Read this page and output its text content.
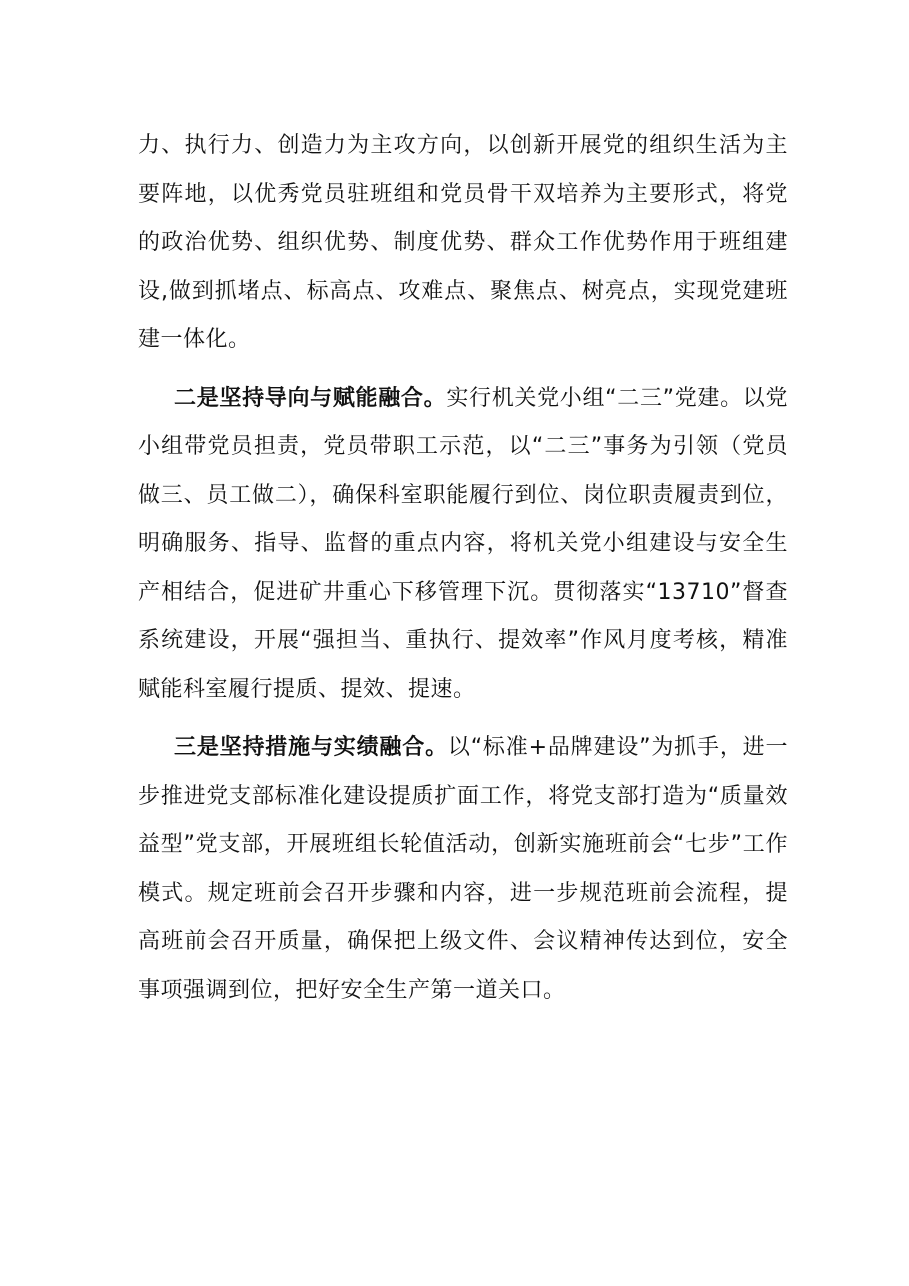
力、执行力、创造力为主攻方向，以创新开展党的组织生活为主要阵地，以优秀党员驻班组和党员骨干双培养为主要形式，将党的政治优势、组织优势、制度优势、群众工作优势作用于班组建设,做到抓堵点、标高点、攻难点、聚焦点、树亮点，实现党建班建一体化。

二是坚持导向与赋能融合。实行机关党小组“二三”党建。以党小组带党员担责，党员带职工示范，以“二三”事务为引领（党员做三、员工做二），确保科室职能履行到位、岗位职责履责到位，明确服务、指导、监督的重点内容，将机关党小组建设与安全生产相结合，促进矿井重心下移管理下沉。贯彻落实“13710”督查系统建设，开展“强担当、重执行、提效率”作风月度考核，精准赋能科室履行提质、提效、提速。

三是坚持措施与实绩融合。以“标准+品牌建设”为抓手，进一步推进党支部标准化建设提质扩面工作，将党支部打造为“质量效益型”党支部，开展班组长轮值活动，创新实施班前会“七步”工作模式。规定班前会召开步骤和内容，进一步规范班前会流程，提高班前会召开质量，确保把上级文件、会议精神传达到位，安全事项强调到位，把好安全生产第一道关口。
